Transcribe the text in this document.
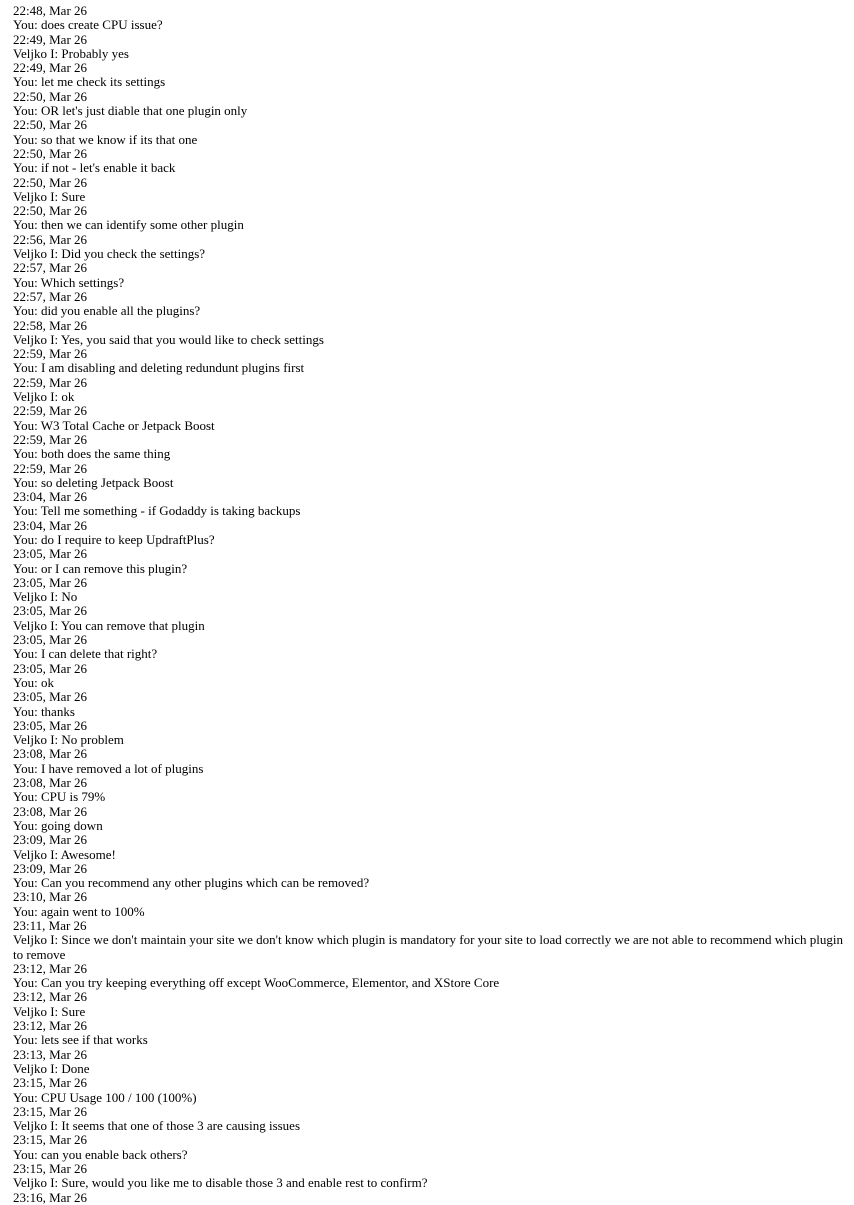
22:48, Mar 26
You: does create CPU issue?
22:49, Mar 26
Veljko I: Probably yes
22:49, Mar 26
You: let me check its settings
22:50, Mar 26
You: OR let's just diable that one plugin only
22:50, Mar 26
You: so that we know if its that one
22:50, Mar 26
You: if not - let's enable it back
22:50, Mar 26
Veljko I: Sure
22:50, Mar 26
You: then we can identify some other plugin
22:56, Mar 26
Veljko I: Did you check the settings?
22:57, Mar 26
You: Which settings?
22:57, Mar 26
You: did you enable all the plugins?
22:58, Mar 26
Veljko I: Yes, you said that you would like to check settings
22:59, Mar 26
You: I am disabling and deleting redundunt plugins first
22:59, Mar 26
Veljko I: ok
22:59, Mar 26
You: W3 Total Cache or Jetpack Boost
22:59, Mar 26
You: both does the same thing
22:59, Mar 26
You: so deleting Jetpack Boost
23:04, Mar 26
You: Tell me something - if Godaddy is taking backups
23:04, Mar 26
You: do I require to keep UpdraftPlus?
23:05, Mar 26
You: or I can remove this plugin?
23:05, Mar 26
Veljko I: No
23:05, Mar 26
Veljko I: You can remove that plugin
23:05, Mar 26
You: I can delete that right?
23:05, Mar 26
You: ok
23:05, Mar 26
You: thanks
23:05, Mar 26
Veljko I: No problem
23:08, Mar 26
You: I have removed a lot of plugins
23:08, Mar 26
You: CPU is 79%
23:08, Mar 26
You: going down
23:09, Mar 26
Veljko I: Awesome!
23:09, Mar 26
You: Can you recommend any other plugins which can be removed?
23:10, Mar 26
You: again went to 100%
23:11, Mar 26
Veljko I: Since we don't maintain your site we don't know which plugin is mandatory for your site to load correctly we are not able to recommend which plugin to remove
23:12, Mar 26
You: Can you try keeping everything off except WooCommerce, Elementor, and XStore Core
23:12, Mar 26
Veljko I: Sure
23:12, Mar 26
You: lets see if that works
23:13, Mar 26
Veljko I: Done
23:15, Mar 26
You: CPU Usage 100 / 100 (100%)
23:15, Mar 26
Veljko I: It seems that one of those 3 are causing issues
23:15, Mar 26
You: can you enable back others?
23:15, Mar 26
Veljko I: Sure, would you like me to disable those 3 and enable rest to confirm?
23:16, Mar 26
